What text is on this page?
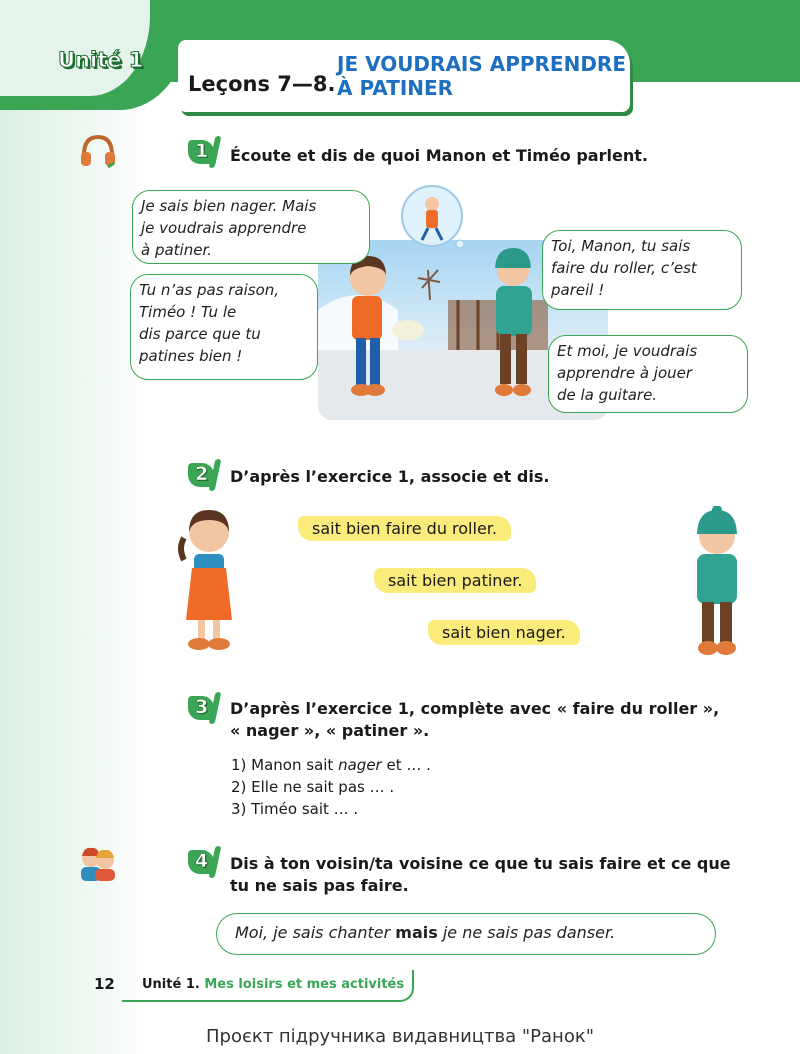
Unité 1
Leçons 7—8.
JE VOUDRAIS APPRENDRE
À PATINER
1 Écoute et dis de quoi Manon et Timéo parlent.
Je sais bien nager. Mais
je voudrais apprendre
à patiner.
Tu n’as pas raison,
Timéo ! Tu le
dis parce que tu
patines bien !
Toi, Manon, tu sais
faire du roller, c’est
pareil !
Et moi, je voudrais
apprendre à jouer
de la guitare.
2 D’après l’exercice 1, associe et dis.
sait bien faire du roller.
sait bien patiner.
sait bien nager.
3 D’après l’exercice 1, complète avec « faire du roller »,
« nager », « patiner ».
1) Manon sait nager et … .
2) Elle ne sait pas … .
3) Timéo sait … .
4 Dis à ton voisin/ta voisine ce que tu sais faire et ce que
tu ne sais pas faire.
Moi, je sais chanter mais je ne sais pas danser.
12 Unité 1. Mes loisirs et mes activités
Проєкт підручника видавництва "Ранок"
